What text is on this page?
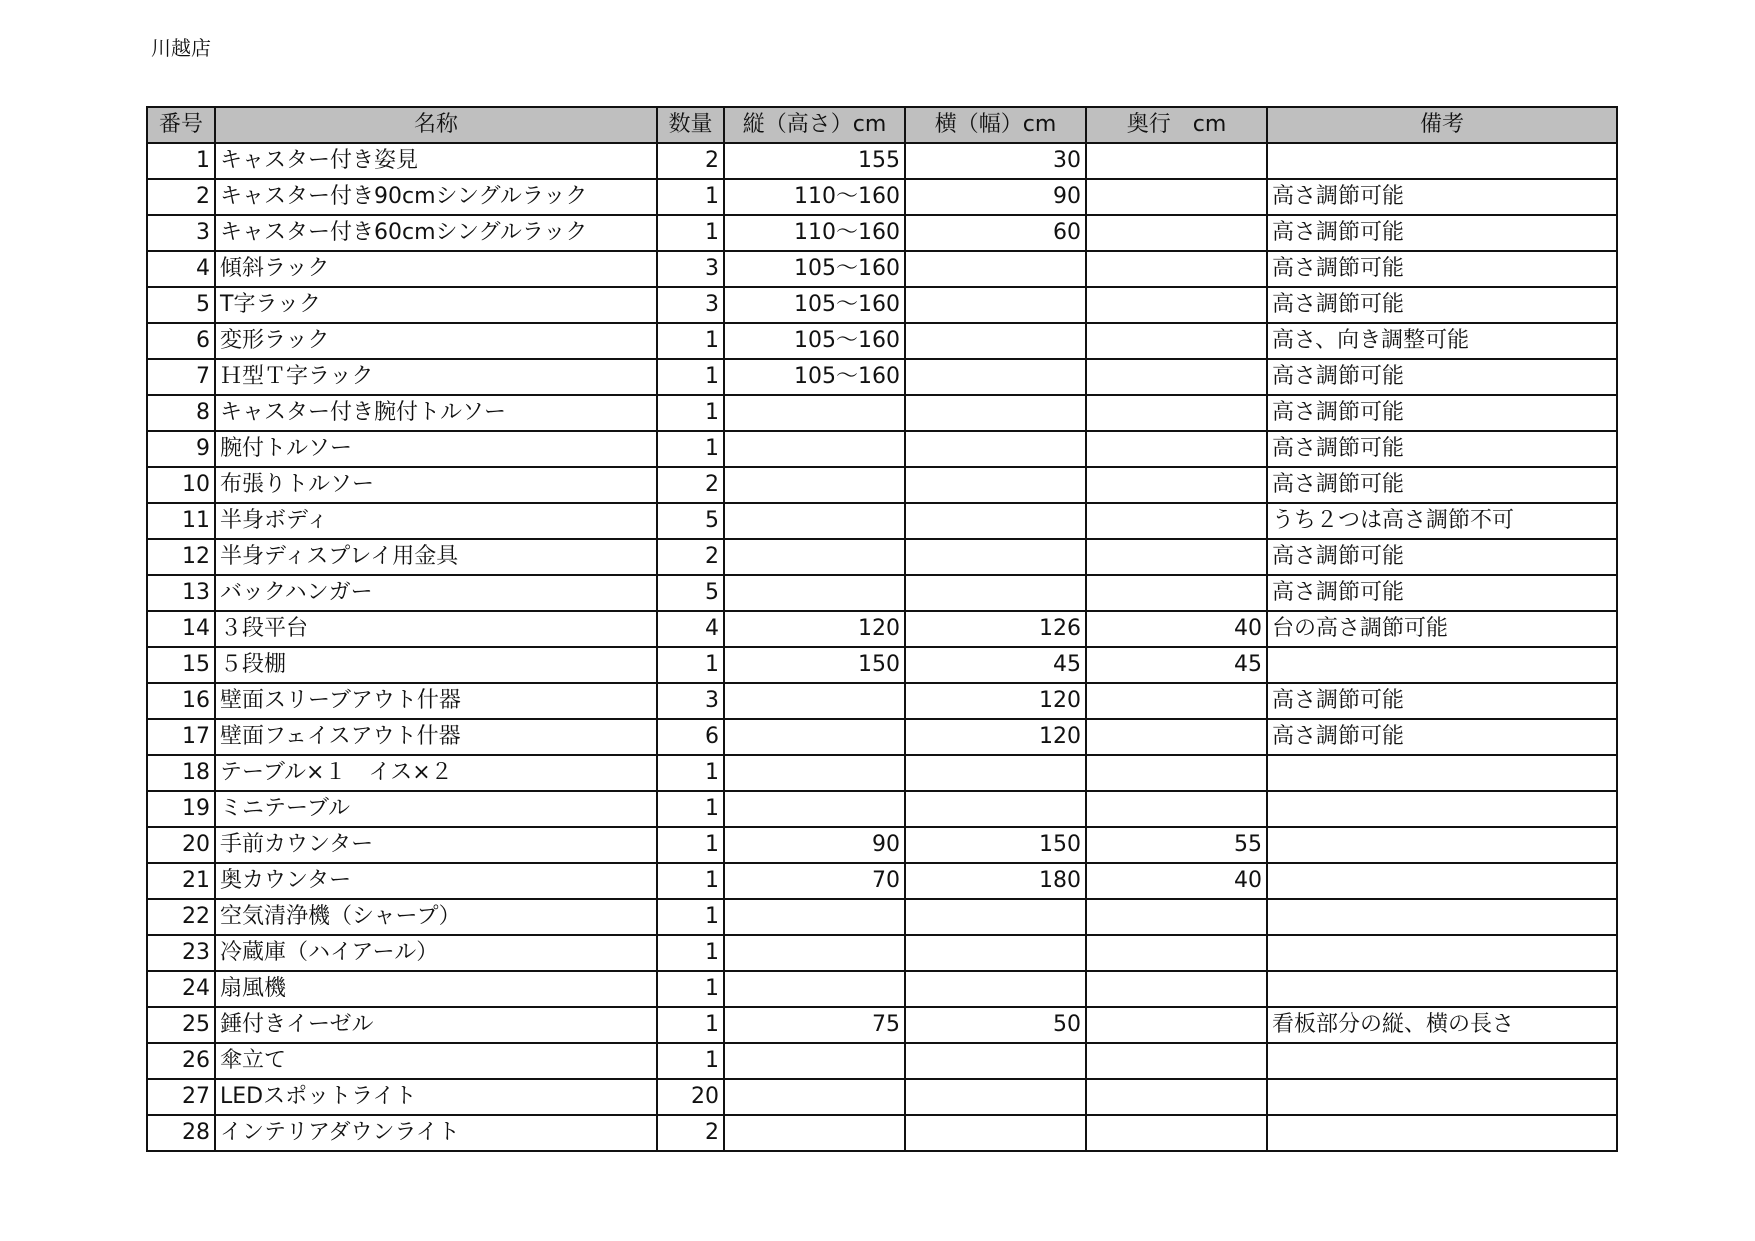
川越店
番号	名称	数量	縦（高さ）cm	横（幅）cm	奥行　cm	備考
1	キャスター付き姿見	2	155	30		
2	キャスター付き90cmシングルラック	1	110～160	90		高さ調節可能
3	キャスター付き60cmシングルラック	1	110～160	60		高さ調節可能
4	傾斜ラック	3	105～160			高さ調節可能
5	T字ラック	3	105～160			高さ調節可能
6	変形ラック	1	105～160			高さ、向き調整可能
7	Ｈ型Ｔ字ラック	1	105～160			高さ調節可能
8	キャスター付き腕付トルソー	1				高さ調節可能
9	腕付トルソー	1				高さ調節可能
10	布張りトルソー	2				高さ調節可能
11	半身ボディ	5				うち２つは高さ調節不可
12	半身ディスプレイ用金具	2				高さ調節可能
13	バックハンガー	5				高さ調節可能
14	３段平台	4	120	126	40	台の高さ調節可能
15	５段棚	1	150	45	45	
16	壁面スリーブアウト什器	3		120		高さ調節可能
17	壁面フェイスアウト什器	6		120		高さ調節可能
18	テーブル×１　イス×２	1				
19	ミニテーブル	1				
20	手前カウンター	1	90	150	55	
21	奥カウンター	1	70	180	40	
22	空気清浄機（シャープ）	1				
23	冷蔵庫（ハイアール）	1				
24	扇風機	1				
25	錘付きイーゼル	1	75	50		看板部分の縦、横の長さ
26	傘立て	1				
27	LEDスポットライト	20				
28	インテリアダウンライト	2				
